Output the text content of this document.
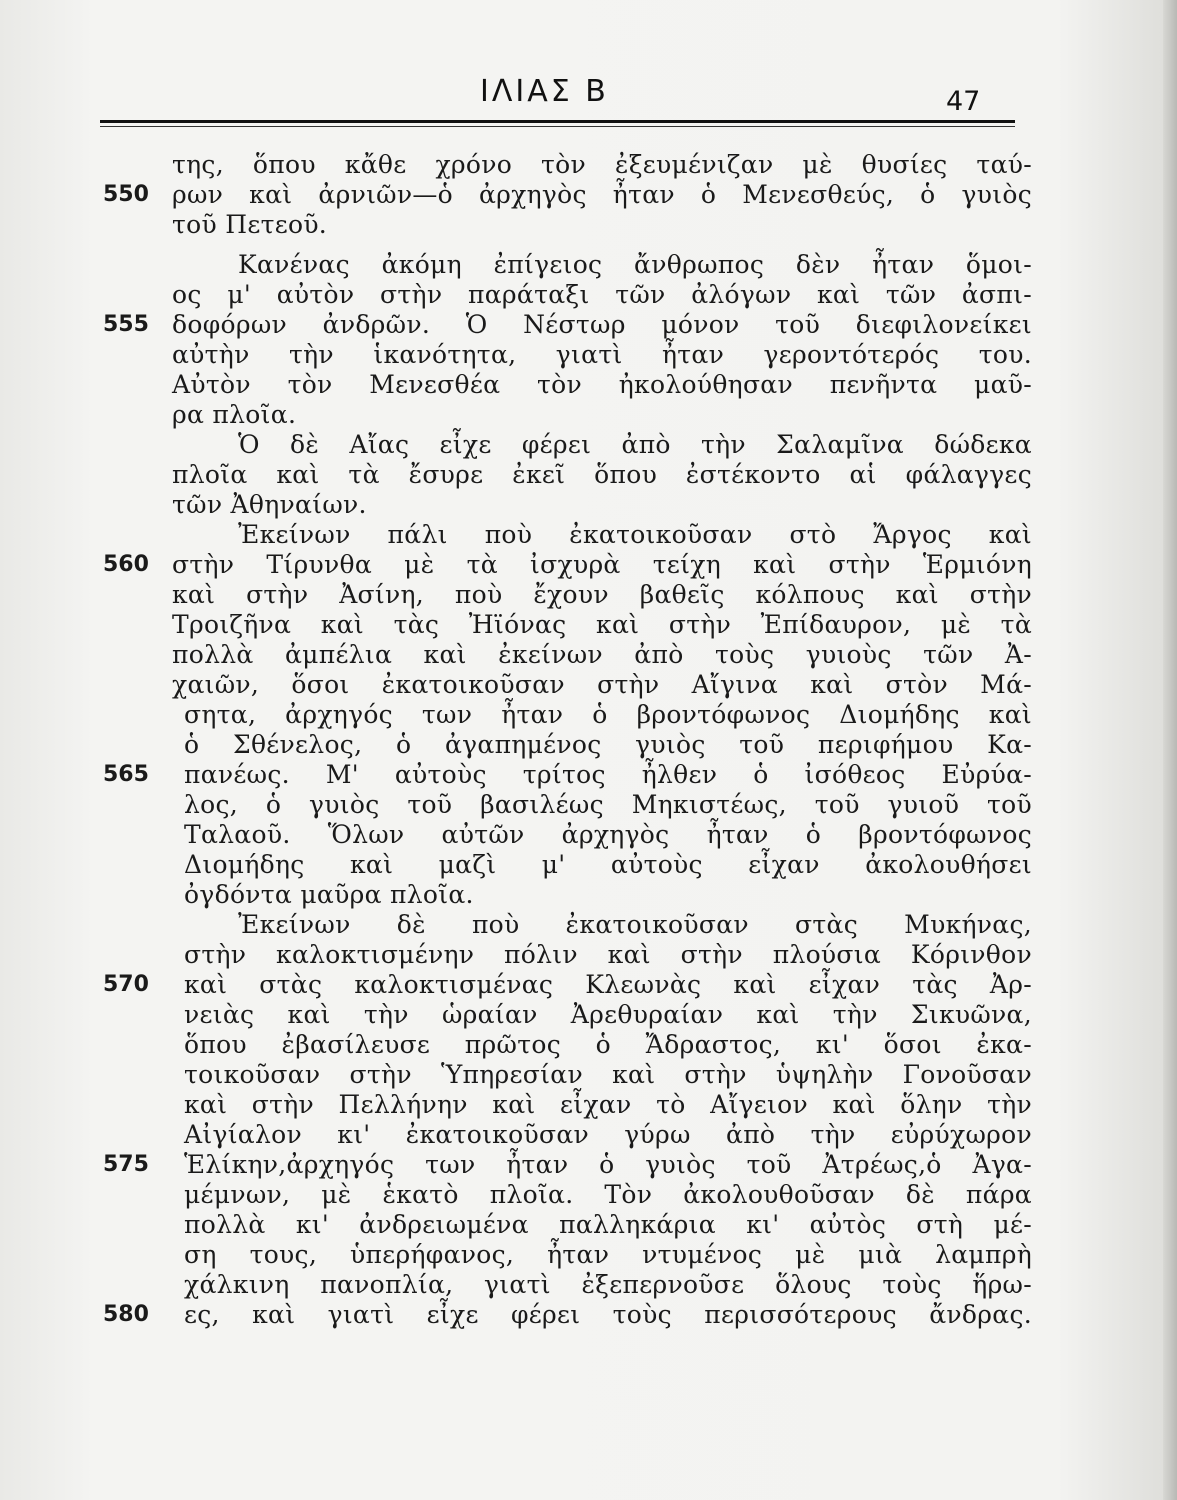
ΙΛΙΑΣ Β	47
της, ὅπου κἄθε χρόνο τὸν ἐξευμένιζαν μὲ θυσίες ταύ-
550 ρων καὶ ἀρνιῶν—ὁ ἀρχηγὸς ἦταν ὁ Μενεσθεύς, ὁ γυιὸς
τοῦ Πετεοῦ.
Κανένας ἀκόμη ἐπίγειος ἄνθρωπος δὲν ἦταν ὅμοι-
ος μ' αὐτὸν στὴν παράταξι τῶν ἀλόγων καὶ τῶν ἀσπι-
555 δοφόρων ἀνδρῶν. Ὁ Νέστωρ μόνον τοῦ διεφιλονείκει
αὐτὴν τὴν ἱκανότητα, γιατὶ ἦταν γεροντότερός του.
Αὐτὸν τὸν Μενεσθέα τὸν ἠκολούθησαν πενῆντα μαῦ-
ρα πλοῖα.
Ὁ δὲ Αἴας εἶχε φέρει ἀπὸ τὴν Σαλαμῖνα δώδεκα
πλοῖα καὶ τὰ ἔσυρε ἐκεῖ ὅπου ἐστέκοντο αἱ φάλαγγες
τῶν Ἀθηναίων.
Ἐκείνων πάλι ποὺ ἐκατοικοῦσαν στὸ Ἄργος καὶ
560 στὴν Τίρυνθα μὲ τὰ ἰσχυρὰ τείχη καὶ στὴν Ἑρμιόνη
καὶ στὴν Ἀσίνη, ποὺ ἔχουν βαθεῖς κόλπους καὶ στὴν
Τροιζῆνα καὶ τὰς Ἠϊόνας καὶ στὴν Ἐπίδαυρον, μὲ τὰ
πολλὰ ἀμπέλια καὶ ἐκείνων ἀπὸ τοὺς γυιοὺς τῶν Ἀ-
χαιῶν, ὅσοι ἐκατοικοῦσαν στὴν Αἴγινα καὶ στὸν Μά-
σητα, ἀρχηγός των ἦταν ὁ βροντόφωνος Διομήδης καὶ
ὁ Σθένελος, ὁ ἀγαπημένος γυιὸς τοῦ περιφήμου Κα-
565	πανέως. Μ' αὐτοὺς τρίτος ἦλθεν ὁ ἰσόθεος Εὐρύα-
λος, ὁ γυιὸς τοῦ βασιλέως Μηκιστέως, τοῦ γυιοῦ τοῦ
Ταλαοῦ. Ὅλων αὐτῶν ἀρχηγὸς ἦταν ὁ βροντόφωνος
Διομήδης καὶ μαζὶ μ' αὐτοὺς εἶχαν ἀκολουθήσει
ὀγδόντα μαῦρα πλοῖα.
Ἐκείνων δὲ ποὺ ἐκατοικοῦσαν στὰς Μυκήνας,
στὴν καλοκτισμένην πόλιν καὶ στὴν πλούσια Κόρινθον
570	καὶ στὰς καλοκτισμένας Κλεωνὰς καὶ εἶχαν τὰς Ἀρ-
νειὰς καὶ τὴν ὡραίαν Ἀρεθυραίαν καὶ τὴν Σικυῶνα,
ὅπου ἐβασίλευσε πρῶτος ὁ Ἄδραστος, κι' ὅσοι ἐκα-
τοικοῦσαν στὴν Ὑπηρεσίαν καὶ στὴν ὑψηλὴν Γονοῦσαν
καὶ στὴν Πελλήνην καὶ εἶχαν τὸ Αἴγειον καὶ ὅλην τὴν
Αἰγίαλον κι' ἐκατοικοῦσαν γύρω ἀπὸ τὴν εὐρύχωρον
575	Ἑλίκην,ἀρχηγός των ἦταν ὁ γυιὸς τοῦ Ἀτρέως,ὁ Ἀγα-
μέμνων, μὲ ἑκατὸ πλοῖα. Τὸν ἀκολουθοῦσαν δὲ πάρα
πολλὰ κι' ἀνδρειωμένα παλληκάρια κι' αὐτὸς στὴ μέ-
ση τους, ὑπερήφανος, ἦταν ντυμένος μὲ μιὰ λαμπρὴ
χάλκινη πανοπλία, γιατὶ ἐξεπερνοῦσε ὅλους τοὺς ἥρω-
580	ες, καὶ γιατὶ εἶχε φέρει τοὺς περισσότερους ἄνδρας.
